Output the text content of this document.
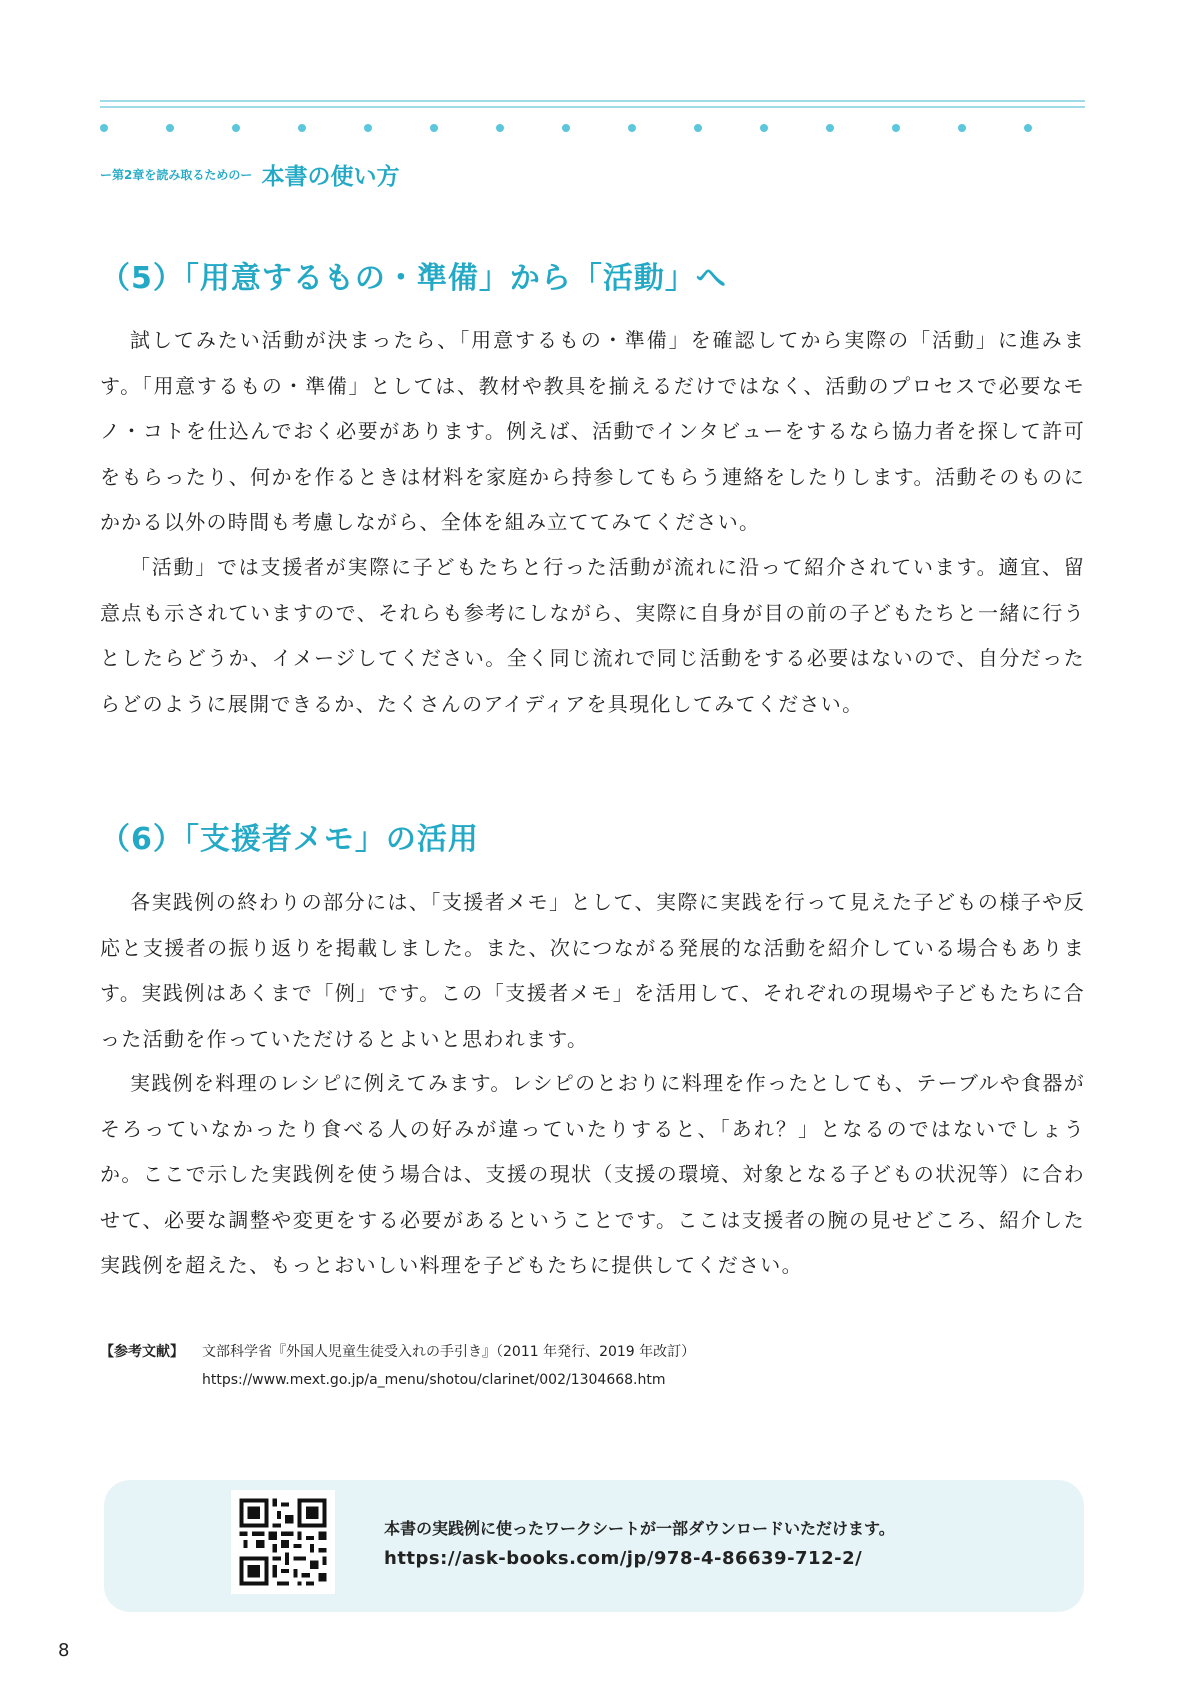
ー第2章を読み取るためのー 本書の使い方
（5）「用意するもの・準備」から「活動」へ

試してみたい活動が決まったら、「用意するもの・準備」を確認してから実際の「活動」に進みます。「用意するもの・準備」としては、教材や教具を揃えるだけではなく、活動のプロセスで必要なモノ・コトを仕込んでおく必要があります。例えば、活動でインタビューをするなら協力者を探して許可をもらったり、何かを作るときは材料を家庭から持参してもらう連絡をしたりします。活動そのものにかかる以外の時間も考慮しながら、全体を組み立ててみてください。

「活動」では支援者が実際に子どもたちと行った活動が流れに沿って紹介されています。適宜、留意点も示されていますので、それらも参考にしながら、実際に自身が目の前の子どもたちと一緒に行うとしたらどうか、イメージしてください。全く同じ流れで同じ活動をする必要はないので、自分だったらどのように展開できるか、たくさんのアイディアを具現化してみてください。

（6）「支援者メモ」の活用

各実践例の終わりの部分には、「支援者メモ」として、実際に実践を行って見えた子どもの様子や反応と支援者の振り返りを掲載しました。また、次につながる発展的な活動を紹介している場合もあります。実践例はあくまで「例」です。この「支援者メモ」を活用して、それぞれの現場や子どもたちに合った活動を作っていただけるとよいと思われます。

実践例を料理のレシピに例えてみます。レシピのとおりに料理を作ったとしても、テーブルや食器がそろっていなかったり食べる人の好みが違っていたりすると、「あれ？」となるのではないでしょうか。ここで示した実践例を使う場合は、支援の現状（支援の環境、対象となる子どもの状況等）に合わせて、必要な調整や変更をする必要があるということです。ここは支援者の腕の見せどころ、紹介した実践例を超えた、もっとおいしい料理を子どもたちに提供してください。

【参考文献】 文部科学省『外国人児童生徒受入れの手引き』（2011 年発行、2019 年改訂）
https://www.mext.go.jp/a_menu/shotou/clarinet/002/1304668.htm
本書の実践例に使ったワークシートが一部ダウンロードいただけます。
https://ask-books.com/jp/978-4-86639-712-2/
8
